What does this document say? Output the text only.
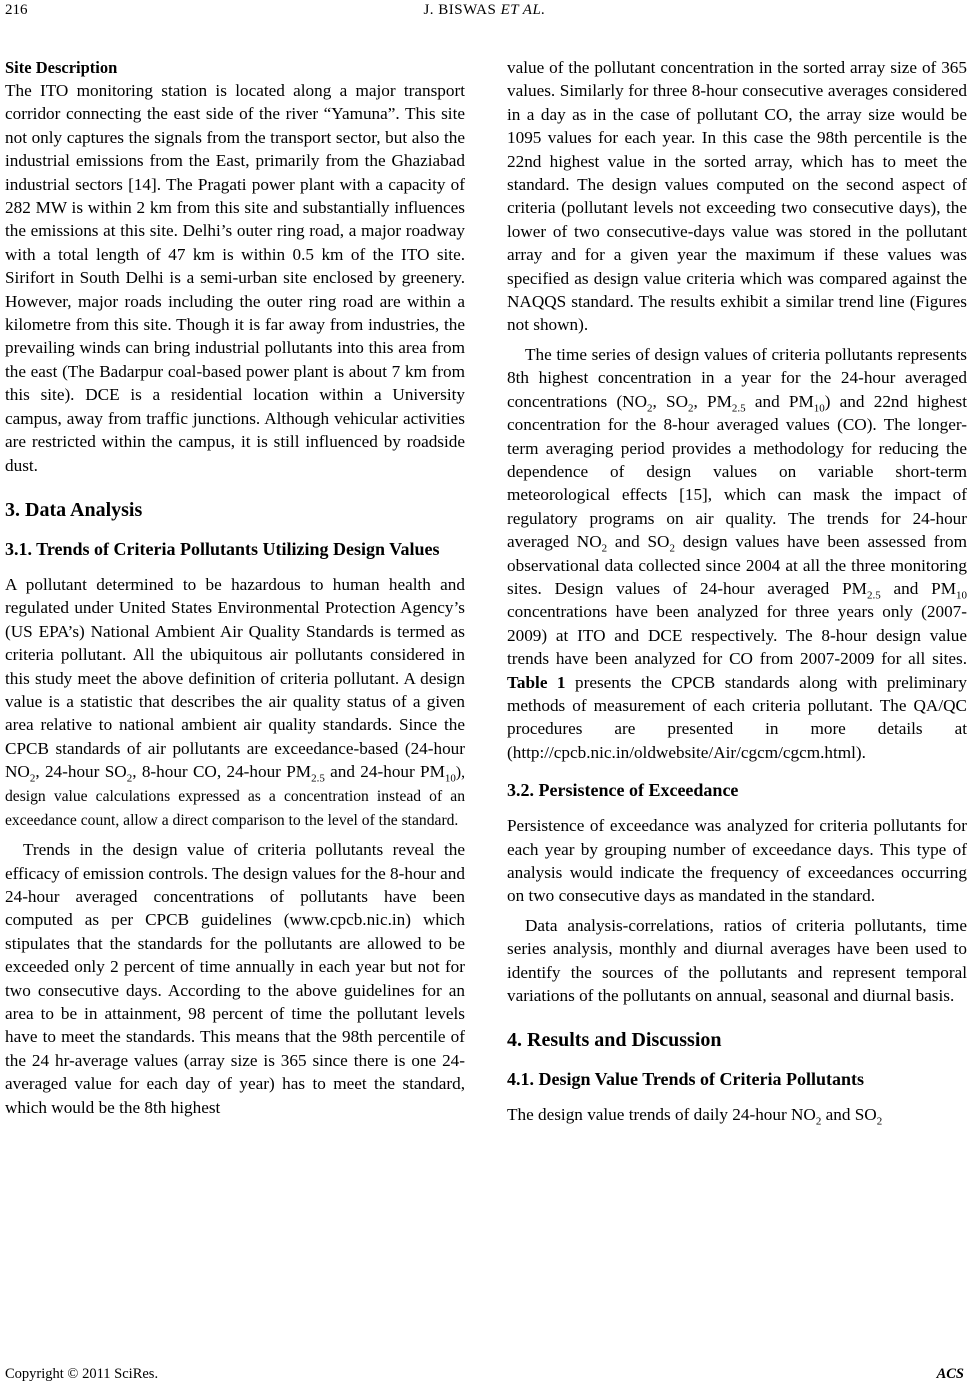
216	J. BISWAS ET AL.

Site Description

The ITO monitoring station is located along a major transport corridor connecting the east side of the river “Yamuna”. This site not only captures the signals from the transport sector, but also the industrial emissions from the East, primarily from the Ghaziabad industrial sectors [14]. The Pragati power plant with a capacity of 282 MW is within 2 km from this site and substantially influences the emissions at this site. Delhi’s outer ring road, a major roadway with a total length of 47 km is within 0.5 km of the ITO site. Sirifort in South Delhi is a semi-urban site enclosed by greenery. However, major roads including the outer ring road are within a kilometre from this site. Though it is far away from industries, the prevailing winds can bring industrial pollutants into this area from the east (The Badarpur coal-based power plant is about 7 km from this site). DCE is a residential location within a University campus, away from traffic junctions. Although vehicular activities are restricted within the campus, it is still influenced by roadside dust.

3. Data Analysis
3.1. Trends of Criteria Pollutants Utilizing Design Values

A pollutant determined to be hazardous to human health and regulated under United States Environmental Protection Agency’s (US EPA’s) National Ambient Air Quality Standards is termed as criteria pollutant. All the ubiquitous air pollutants considered in this study meet the above definition of criteria pollutant. A design value is a statistic that describes the air quality status of a given area relative to national ambient air quality standards. Since the CPCB standards of air pollutants are exceedance-based (24-hour $NO_2$, 24-hour $SO_2$, 8-hour CO, 24-hour $PM_{2.5}$ and 24-hour $PM_{10}$), design value calculations expressed as a concentration instead of an exceedance count, allow a direct comparison to the level of the standard.

Trends in the design value of criteria pollutants reveal the efficacy of emission controls. The design values for the 8-hour and 24-hour averaged concentrations of pollutants have been computed as per CPCB guidelines (www.cpcb.nic.in) which stipulates that the standards for the pollutants are allowed to be exceeded only 2 percent of time annually in each year but not for two consecutive days. According to the above guidelines for an area to be in attainment, 98 percent of time the pollutant levels have to meet the standards. This means that the 98th percentile of the 24 hr-average values (array size is 365 since there is one 24-averaged value for each day of year) has to meet the standard, which would be the 8th highest

value of the pollutant concentration in the sorted array size of 365 values. Similarly for three 8-hour consecutive averages considered in a day as in the case of pollutant CO, the array size would be 1095 values for each year. In this case the 98th percentile is the 22nd highest value in the sorted array, which has to meet the standard. The design values computed on the second aspect of criteria (pollutant levels not exceeding two consecutive days), the lower of two consecutive-days value was stored in the pollutant array and for a given year the maximum if these values was specified as design value criteria which was compared against the NAQQS standard. The results exhibit a similar trend line (Figures not shown).

The time series of design values of criteria pollutants represents 8th highest concentration in a year for the 24-hour averaged concentrations ($NO_2$, $SO_2$, $PM_{2.5}$ and $PM_{10}$) and 22nd highest concentration for the 8-hour averaged values (CO). The longer-term averaging period provides a methodology for reducing the dependence of design values on variable short-term meteorological effects [15], which can mask the impact of regulatory programs on air quality. The trends for 24-hour averaged $NO_2$ and $SO_2$ design values have been assessed from observational data collected since 2004 at all the three monitoring sites. Design values of 24-hour averaged $PM_{2.5}$ and $PM_{10}$ concentrations have been analyzed for three years only (2007-2009) at ITO and DCE respectively. The 8-hour design value trends have been analyzed for CO from 2007-2009 for all sites. Table 1 presents the CPCB standards along with preliminary methods of measurement of each criteria pollutant. The QA/QC procedures are presented in more details at (http://cpcb.nic.in/oldwebsite/Air/cgcm/cgcm.html).

3.2. Persistence of Exceedance

Persistence of exceedance was analyzed for criteria pollutants for each year by grouping number of exceedance days. This type of analysis would indicate the frequency of exceedances occurring on two consecutive days as mandated in the standard.

Data analysis-correlations, ratios of criteria pollutants, time series analysis, monthly and diurnal averages have been used to identify the sources of the pollutants and represent temporal variations of the pollutants on annual, seasonal and diurnal basis.

4. Results and Discussion
4.1. Design Value Trends of Criteria Pollutants

The design value trends of daily 24-hour $NO_2$ and $SO_2$

Copyright © 2011 SciRes.	ACS
